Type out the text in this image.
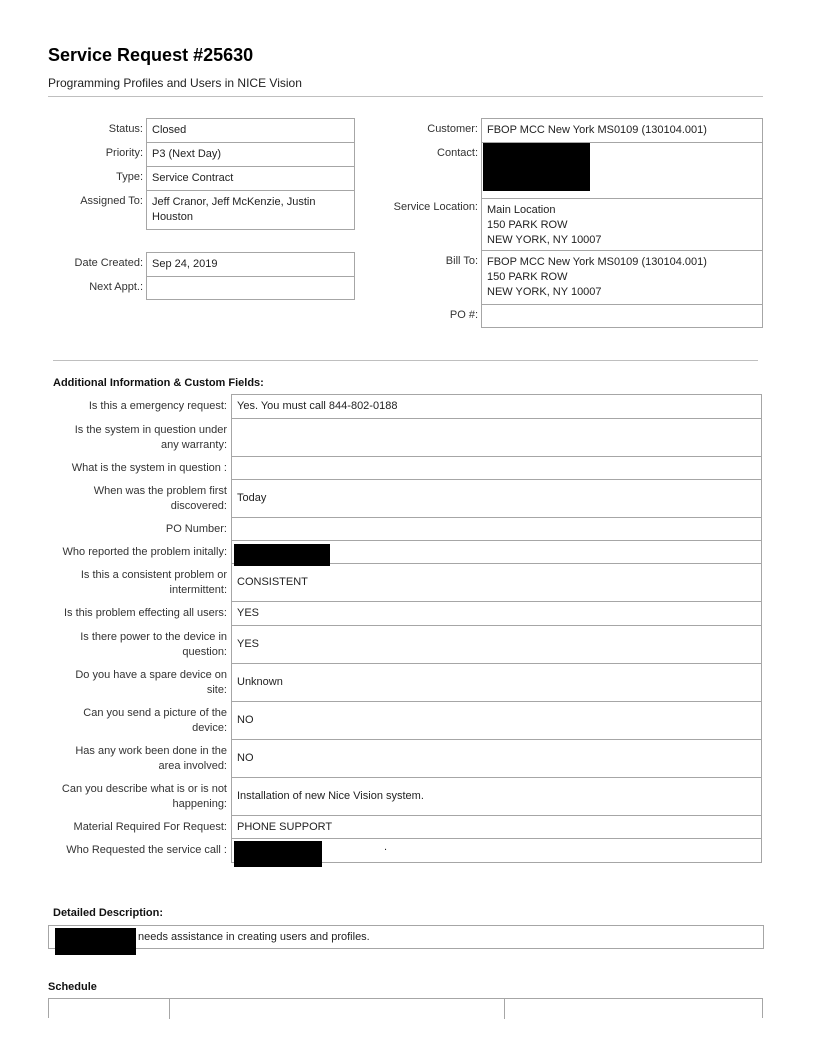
Service Request #25630
Programming Profiles and Users in NICE Vision
Status: Closed
Priority: P3 (Next Day)
Type: Service Contract
Assigned To: Jeff Cranor, Jeff McKenzie, Justin Houston
Date Created: Sep 24, 2019
Next Appt.:
Customer: FBOP MCC New York MS0109 (130104.001)
Contact:
Service Location: Main Location
150 PARK ROW
NEW YORK, NY 10007
Bill To: FBOP MCC New York MS0109 (130104.001)
150 PARK ROW
NEW YORK, NY 10007
PO #:
Additional Information & Custom Fields:
Is this a emergency request:	Yes. You must call 844-802-0188
Is the system in question under any warranty:	
What is the system in question :	
When was the problem first discovered:	Today
PO Number:	
Who reported the problem initally:	

Is this a consistent problem or intermittent:	CONSISTENT
Is this problem effecting all users:	YES
Is there power to the device in question:	YES
Do you have a spare device on site:	Unknown
Can you send a picture of the device:	NO
Has any work been done in the area involved:	NO
Can you describe what is or is not happening:	Installation of new Nice Vision system.
Material Required For Request:	PHONE SUPPORT
Who Requested the service call :	.
Detailed Description:
needs assistance in creating users and profiles.
Schedule
